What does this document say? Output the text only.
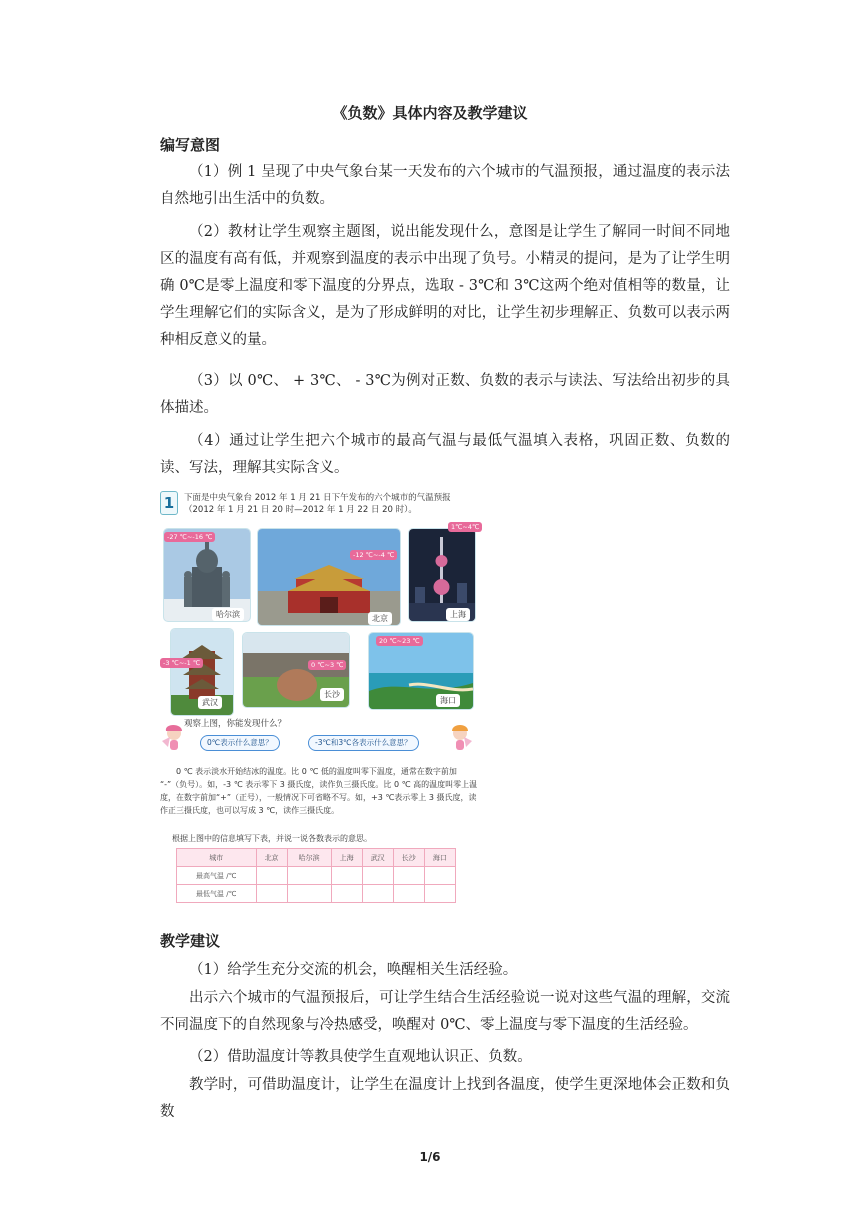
《负数》具体内容及教学建议
编写意图
（1）例 1 呈现了中央气象台某一天发布的六个城市的气温预报，通过温度的表示法自然地引出生活中的负数。
（2）教材让学生观察主题图，说出能发现什么，意图是让学生了解同一时间不同地区的温度有高有低，并观察到温度的表示中出现了负号。小精灵的提问，是为了让学生明确 0℃是零上温度和零下温度的分界点，选取 - 3℃和 3℃这两个绝对值相等的数量，让学生理解它们的实际含义，是为了形成鲜明的对比，让学生初步理解正、负数可以表示两种相反意义的量。
（3）以 0℃、 + 3℃、 - 3℃为例对正数、负数的表示与读法、写法给出初步的具体描述。
（4）通过让学生把六个城市的最高气温与最低气温填入表格，巩固正数、负数的读、写法，理解其实际含义。
1	下面是中央气象台 2012 年 1 月 21 日下午发布的六个城市的气温预报（2012 年 1 月 21 日 20 时—2012 年 1 月 22 日 20 时）。
-27 ℃~-16 ℃
哈尔滨
-12 ℃~-4 ℃
北京
1℃~4℃
上海
-3 ℃~-1 ℃
武汉
0 ℃~3 ℃
长沙
20 ℃~23 ℃
海口
观察上图，你能发现什么？
0℃表示什么意思？	-3℃和3℃各表示什么意思？

0 ℃ 表示淡水开始结冰的温度。比 0 ℃ 低的温度叫零下温度，通常在数字前加 “-”（负号）。如，-3 ℃ 表示零下 3 摄氏度，读作负三摄氏度。比 0 ℃ 高的温度叫零上温度，在数字前加“+”（正号），一般情况下可省略不写。如，+3 ℃表示零上 3 摄氏度，读作正三摄氏度，也可以写成 3 ℃，读作三摄氏度。

根据上图中的信息填写下表，并说一说各数表示的意思。
城市	北京	哈尔滨	上海	武汉	长沙	海口
最高气温 /℃						
最低气温 /℃						
教学建议
（1）给学生充分交流的机会，唤醒相关生活经验。
出示六个城市的气温预报后，可让学生结合生活经验说一说对这些气温的理解，交流不同温度下的自然现象与冷热感受，唤醒对 0℃、零上温度与零下温度的生活经验。
（2）借助温度计等教具使学生直观地认识正、负数。
教学时，可借助温度计，让学生在温度计上找到各温度，使学生更深地体会正数和负数
1/6
